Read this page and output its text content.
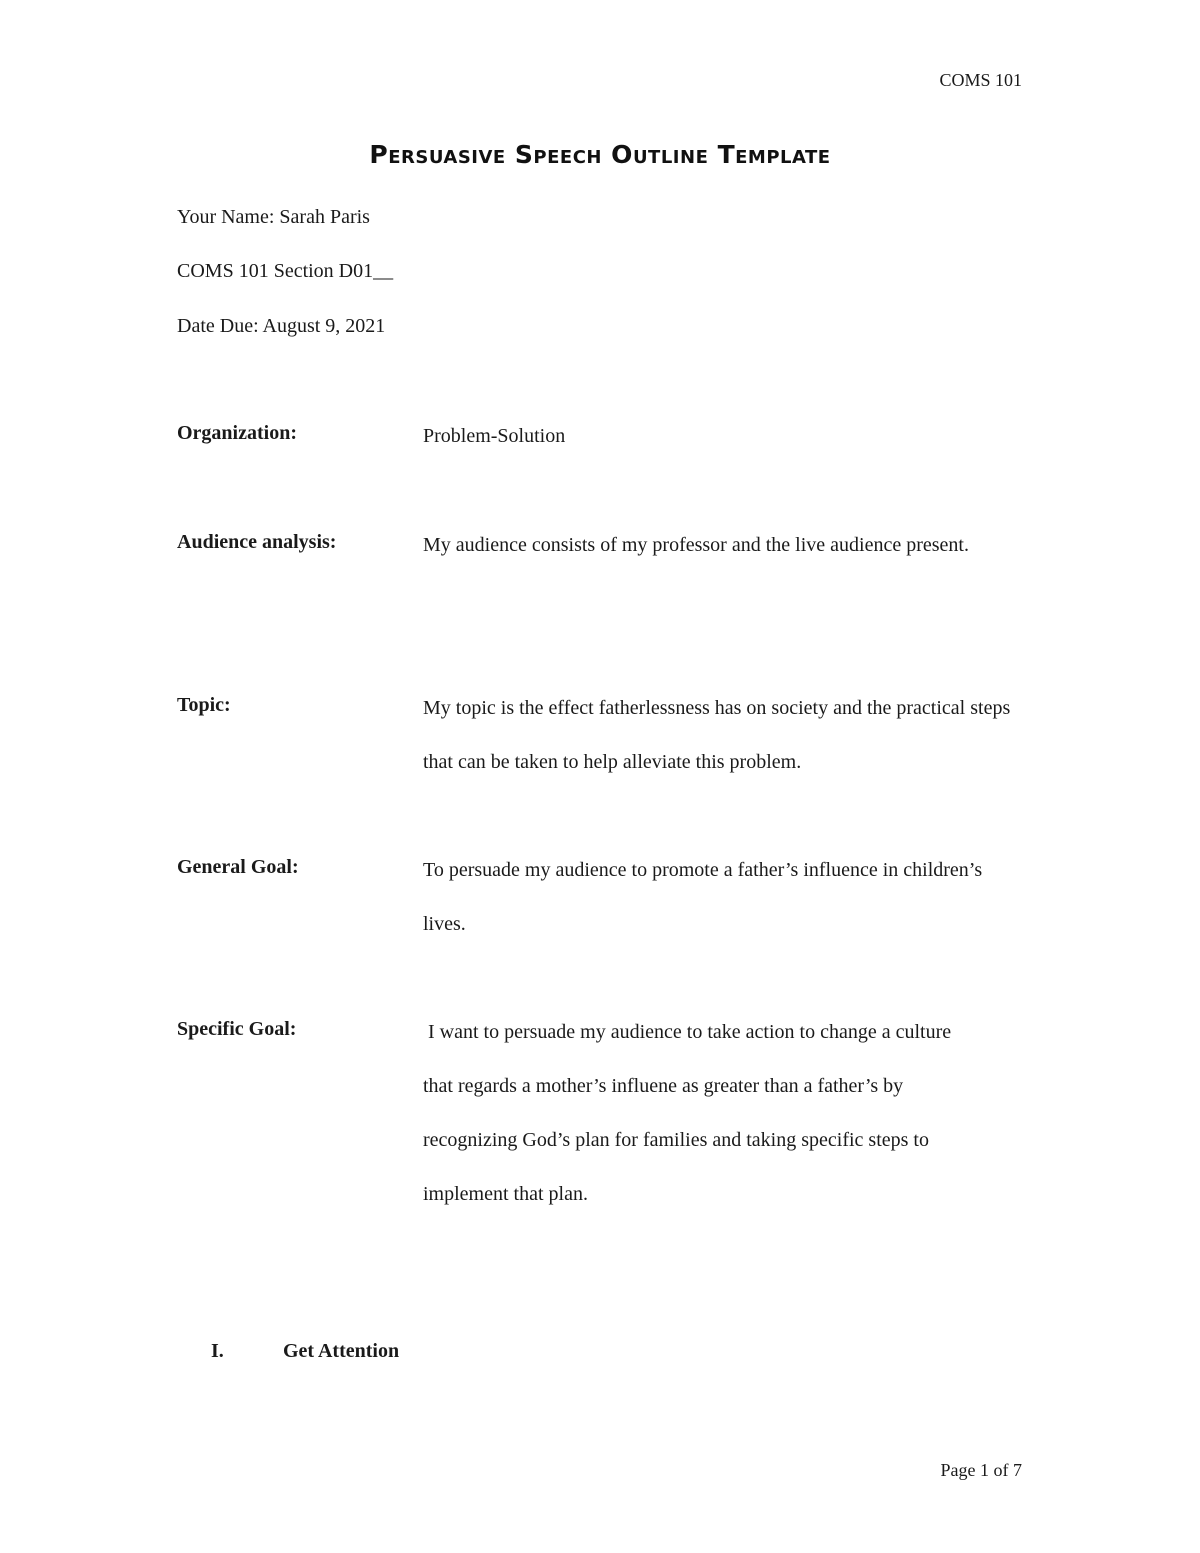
COMS 101
Persuasive Speech Outline Template
Your Name: Sarah Paris
COMS 101 Section D01__
Date Due: August 9, 2021
Organization:	Problem-Solution
Audience analysis:	My audience consists of my professor and the live audience present.
Topic:	My topic is the effect fatherlessness has on society and the practical steps that can be taken to help alleviate this problem.
General Goal:	To persuade my audience to promote a father’s influence in children’s lives.
Specific Goal:	I want to persuade my audience to take action to change a culture that regards a mother’s influene as greater than a father’s by recognizing God’s plan for families and taking specific steps to implement that plan.
I.	Get Attention
Page 1 of 7
